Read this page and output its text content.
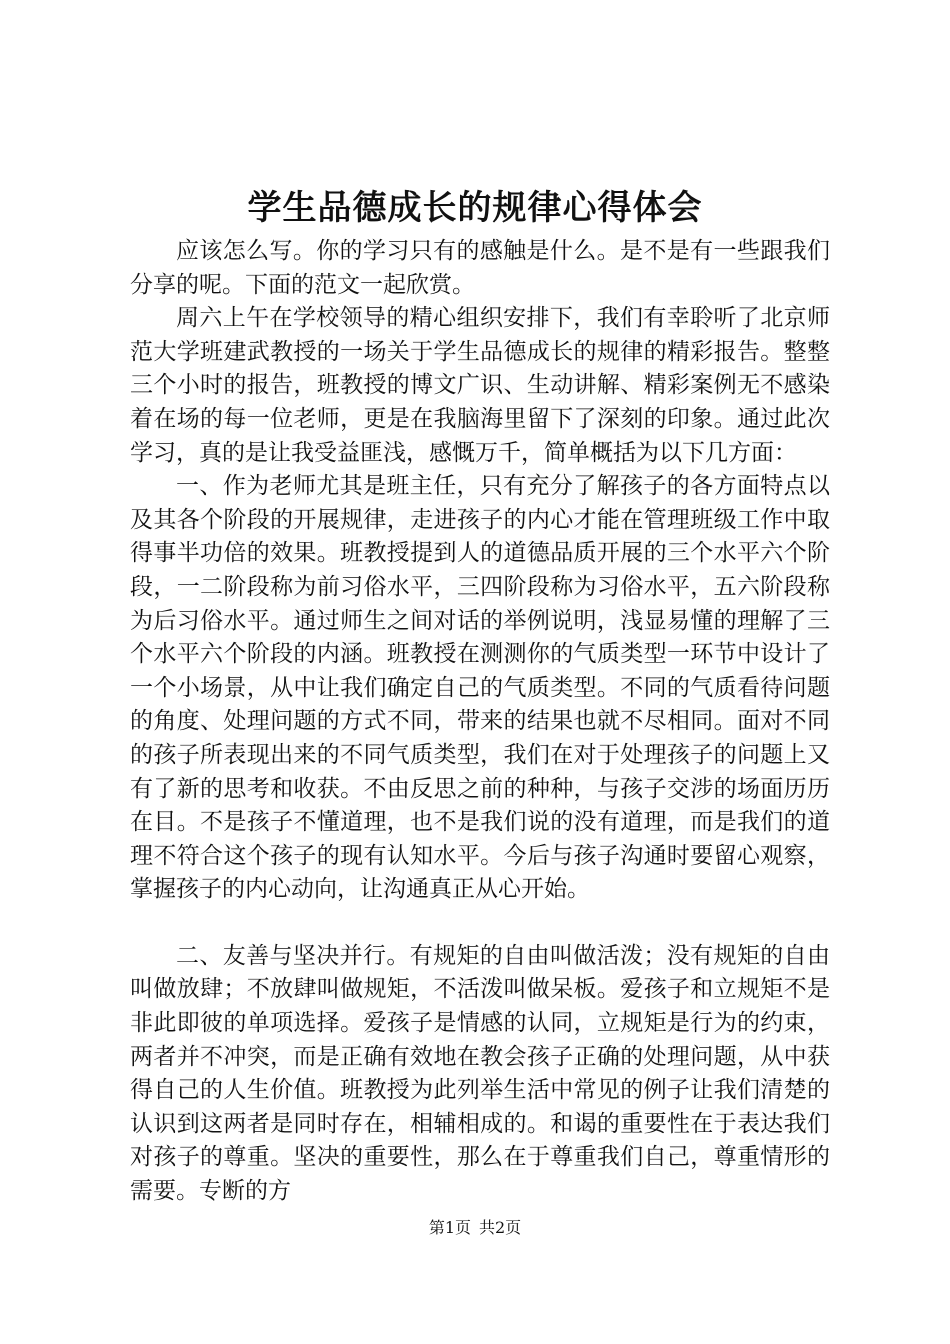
学生品德成长的规律心得体会

应该怎么写。你的学习只有的感触是什么。是不是有一些跟我们分享的呢。下面的范文一起欣赏。

周六上午在学校领导的精心组织安排下，我们有幸聆听了北京师范大学班建武教授的一场关于学生品德成长的规律的精彩报告。整整三个小时的报告，班教授的博文广识、生动讲解、精彩案例无不感染着在场的每一位老师，更是在我脑海里留下了深刻的印象。通过此次学习，真的是让我受益匪浅，感慨万千，简单概括为以下几方面：

一、作为老师尤其是班主任，只有充分了解孩子的各方面特点以及其各个阶段的开展规律，走进孩子的内心才能在管理班级工作中取得事半功倍的效果。班教授提到人的道德品质开展的三个水平六个阶段，一二阶段称为前习俗水平，三四阶段称为习俗水平，五六阶段称为后习俗水平。通过师生之间对话的举例说明，浅显易懂的理解了三个水平六个阶段的内涵。班教授在测测你的气质类型一环节中设计了一个小场景，从中让我们确定自己的气质类型。不同的气质看待问题的角度、处理问题的方式不同，带来的结果也就不尽相同。面对不同的孩子所表现出来的不同气质类型，我们在对于处理孩子的问题上又有了新的思考和收获。不由反思之前的种种，与孩子交涉的场面历历在目。不是孩子不懂道理，也不是我们说的没有道理，而是我们的道理不符合这个孩子的现有认知水平。今后与孩子沟通时要留心观察，掌握孩子的内心动向，让沟通真正从心开始。

二、友善与坚决并行。有规矩的自由叫做活泼；没有规矩的自由叫做放肆；不放肆叫做规矩，不活泼叫做呆板。爱孩子和立规矩不是非此即彼的单项选择。爱孩子是情感的认同，立规矩是行为的约束，两者并不冲突，而是正确有效地在教会孩子正确的处理问题，从中获得自己的人生价值。班教授为此列举生活中常见的例子让我们清楚的认识到这两者是同时存在，相辅相成的。和谒的重要性在于表达我们对孩子的尊重。坚决的重要性，那么在于尊重我们自己，尊重情形的需要。专断的方

第1页 共2页
